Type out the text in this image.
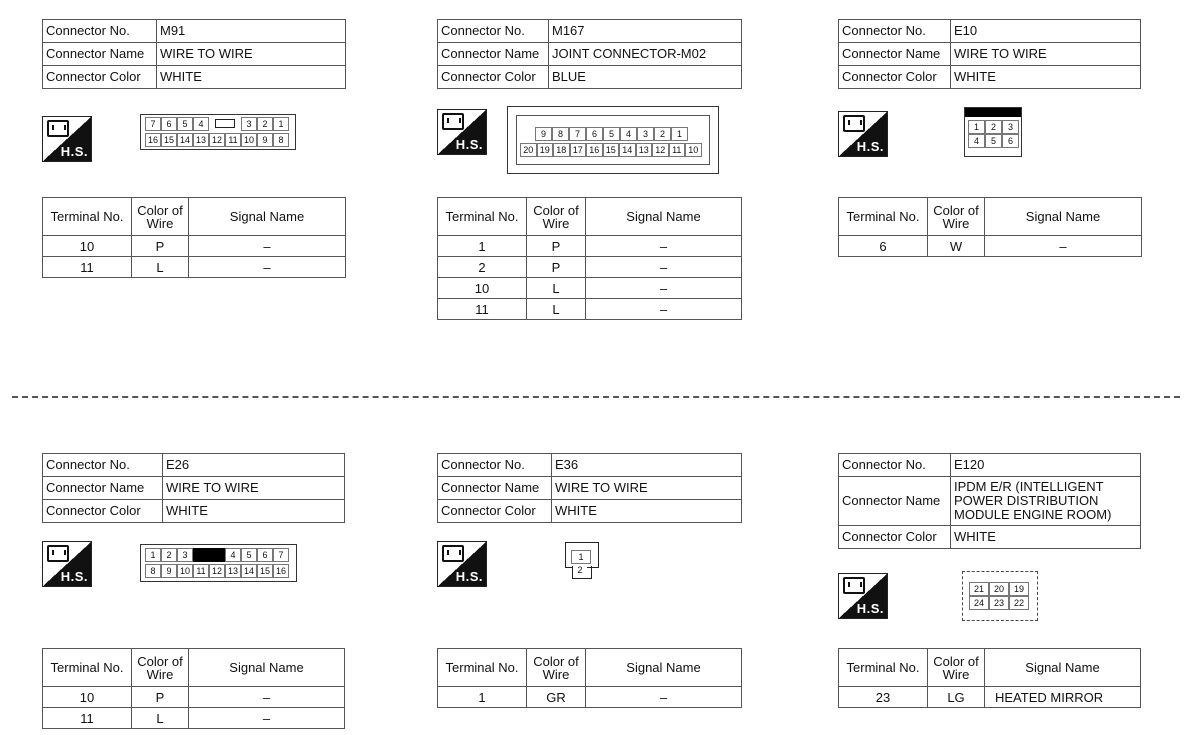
Connector No.	M91
Connector Name	WIRE TO WIRE
Connector Color	WHITE
H.S.
7	6	5	4	3	2	1
16 15 14 13 12 11 10 9	8
Terminal No.	Color of Wire	Signal Name
10	P	–
11	L	–
Connector No.	M167
Connector Name	JOINT CONNECTOR-M02
Connector Color	BLUE
H.S.
9	8	7	6	5	4	3	2	1
20 19 18 17 16 15 14 13 12 11 10
Terminal No.	Color of Wire	Signal Name
1	P	–
2	P	–
10	L	–
11	L	–
Connector No.	E10
Connector Name	WIRE TO WIRE
Connector Color	WHITE
H.S.
1	2	3
4	5	6
Terminal No.	Color of Wire	Signal Name
6	W	–
Connector No.	E26
Connector Name	WIRE TO WIRE
Connector Color	WHITE
H.S.
1	2	3	4	5	6	7
8	9 10 11 12 13 14 15 16
Terminal No.	Color of Wire	Signal Name
10	P	–
11	L	–
Connector No.	E36
Connector Name	WIRE TO WIRE
Connector Color	WHITE
H.S.
1
2
Terminal No.	Color of Wire	Signal Name
1	GR	–
Connector No.	E120
Connector Name	IPDM E/R (INTELLIGENT POWER DISTRIBUTION MODULE ENGINE ROOM)
Connector Color	WHITE
H.S.
21	20	19
24	23	22
Terminal No.	Color of Wire	Signal Name
23	LG	HEATED MIRROR
